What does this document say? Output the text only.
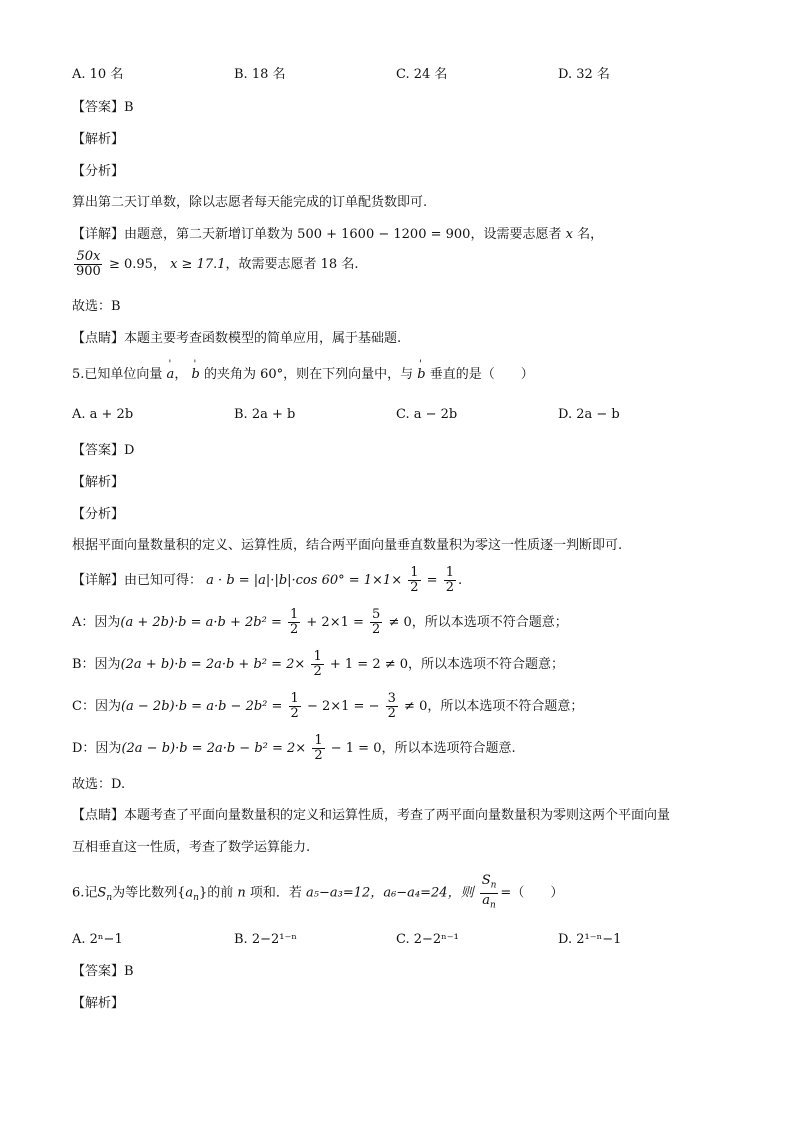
A. 10 名	B. 18 名	C. 24 名	D. 32 名
【答案】B
【解析】
【分析】
算出第二天订单数，除以志愿者每天能完成的订单配货数即可.
【详解】由题意，第二天新增订单数为 500 + 1600 − 1200 = 900，设需要志愿者 x 名，
$\frac{50x}{900} \ge 0.95$， x ≥ 17.1，故需要志愿者 18 名.
故选：B
【点睛】本题主要考查函数模型的简单应用，属于基础题.
5.已知单位向量 ' a， ' b 的夹角为 60°，则在下列向量中，与 ' b 垂直的是（　　）
A. a + 2b	B. 2a + b	C. a − 2b	D. 2a − b
【答案】D
【解析】
【分析】
根据平面向量数量积的定义、运算性质，结合两平面向量垂直数量积为零这一性质逐一判断即可.
【详解】由已知可得： a · b = |a|·|b|·cos $60^\circ = 1\times 1\times \frac{1}{2} = \frac{1}{2}$ .
A：因为$(a + 2b)\cdot b = a\cdot b + 2b^2 = \frac{1}{2} + 2\times 1 = \frac{5}{2} \ne 0$，所以本选项不符合题意；
B：因为$(2a + b)\cdot b = 2a\cdot b + b^2 = 2\times \frac{1}{2} + 1 = 2 \ne 0$，所以本选项不符合题意；
C：因为$(a - 2b)\cdot b = a\cdot b - 2b^2 = \frac{1}{2} - 2\times 1$ = − $\frac{3}{2} \ne 0$，所以本选项不符合题意；
D：因为$(2a - b)\cdot b = 2a\cdot b - b^2 = 2\times \frac{1}{2} - 1 = 0$，所以本选项符合题意.
故选：D.
【点睛】本题考查了平面向量数量积的定义和运算性质，考查了两平面向量数量积为零则这两个平面向量
互相垂直这一性质，考查了数学运算能力.
6.记$S_n$为等比数列$\{a_n\}$的前 n 项和．若 a₅−a₃=12，a₆−a₄=24，则 $\frac{S_n}{a_n}$ =（　　）
A. 2ⁿ−1	B. 2−2¹⁻ⁿ	C. 2−2ⁿ⁻¹	D. 2¹⁻ⁿ−1
【答案】B
【解析】
